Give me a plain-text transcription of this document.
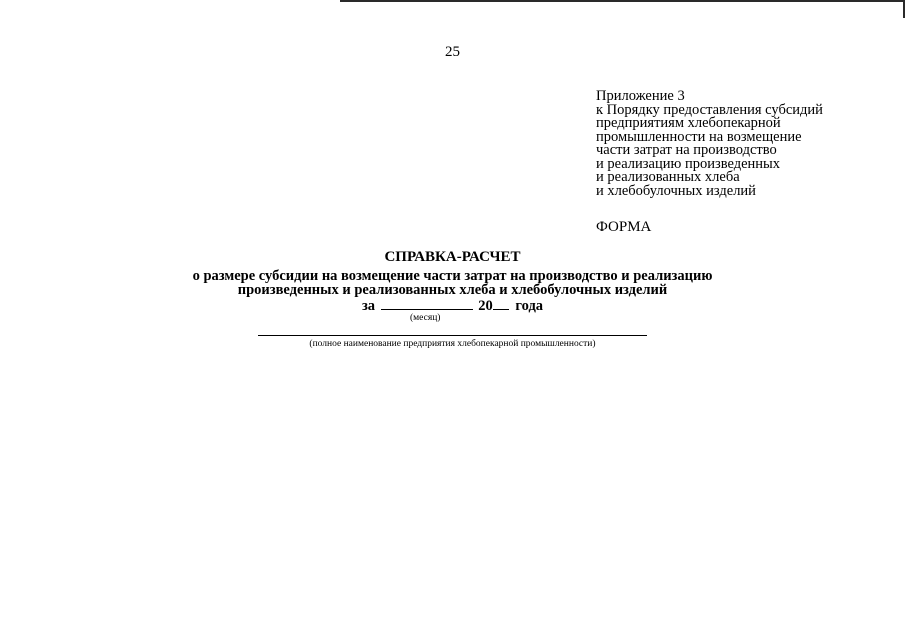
25
Приложение 3
к Порядку предоставления субсидий
предприятиям хлебопекарной
промышленности на возмещение
части затрат на производство
и реализацию произведенных
и реализованных хлеба
и хлебобулочных изделий
ФОРМА
СПРАВКА-РАСЧЕТ
о размере субсидии на возмещение части затрат на производство и реализацию
произведенных и реализованных хлеба и хлебобулочных изделий
за	20 года
(месяц)
(полное наименование предприятия хлебопекарной промышленности)
